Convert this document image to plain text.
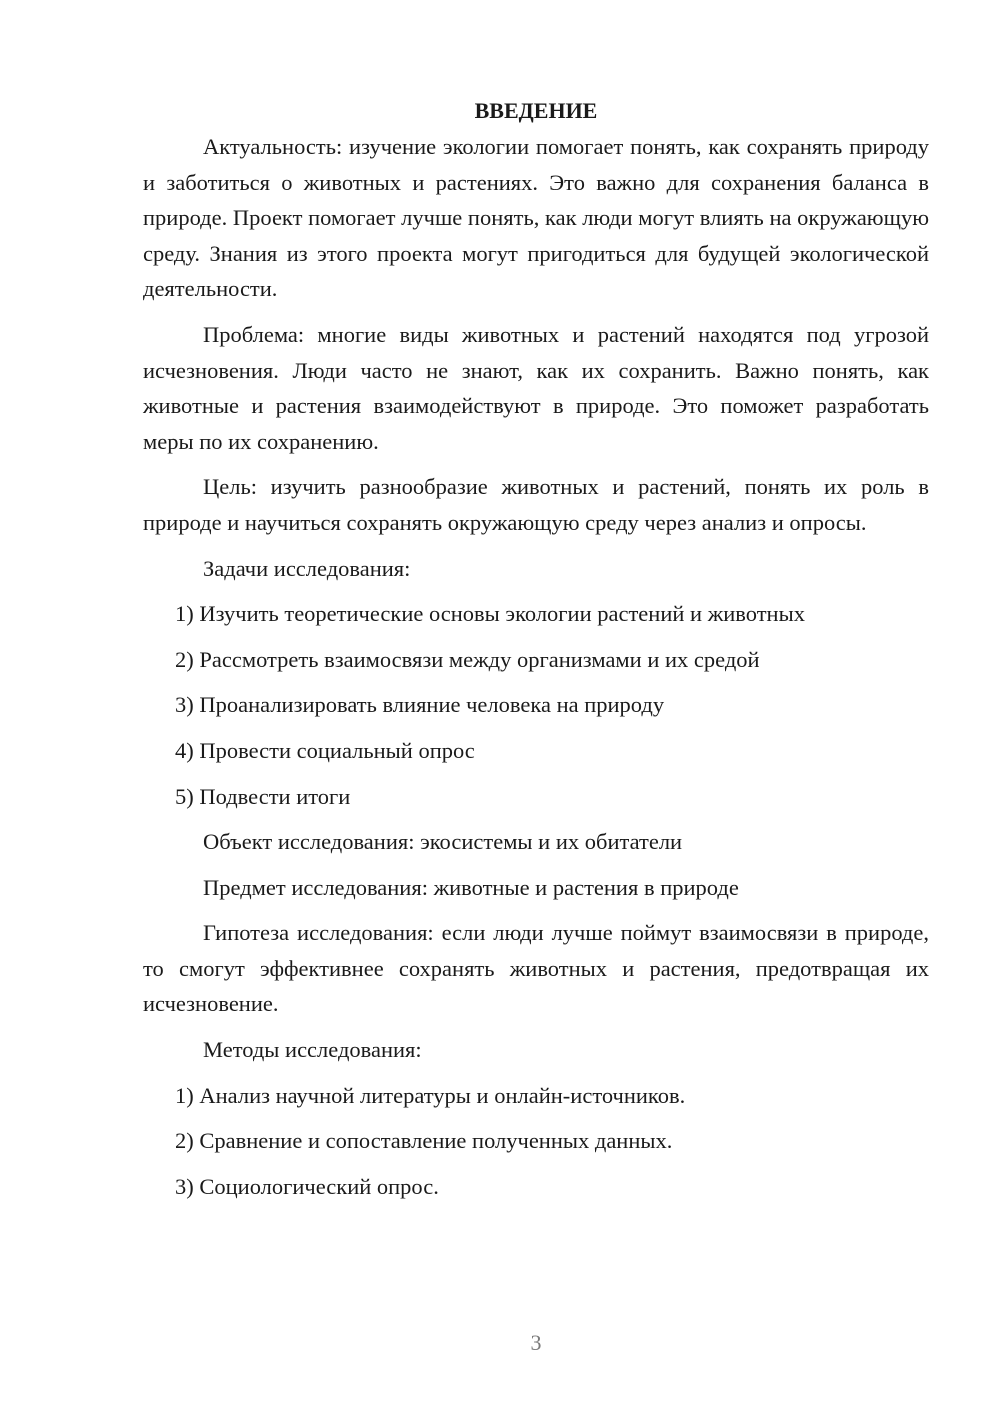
ВВЕДЕНИЕ

Актуальность: изучение экологии помогает понять, как сохранять природу и заботиться о животных и растениях. Это важно для сохранения баланса в природе. Проект помогает лучше понять, как люди могут влиять на окружающую среду. Знания из этого проекта могут пригодиться для будущей экологической деятельности.

Проблема: многие виды животных и растений находятся под угрозой исчезновения. Люди часто не знают, как их сохранить. Важно понять, как животные и растения взаимодействуют в природе. Это поможет разработать меры по их сохранению.

Цель: изучить разнообразие животных и растений, понять их роль в природе и научиться сохранять окружающую среду через анализ и опросы.

Задачи исследования:

1) Изучить теоретические основы экологии растений и животных

2) Рассмотреть взаимосвязи между организмами и их средой

3) Проанализировать влияние человека на природу

4) Провести социальный опрос

5) Подвести итоги

Объект исследования: экосистемы и их обитатели

Предмет исследования: животные и растения в природе

Гипотеза исследования: если люди лучше поймут взаимосвязи в природе, то смогут эффективнее сохранять животных и растения, предотвращая их исчезновение.

Методы исследования:

1) Анализ научной литературы и онлайн-источников.

2) Сравнение и сопоставление полученных данных.

3) Социологический опрос.

3
